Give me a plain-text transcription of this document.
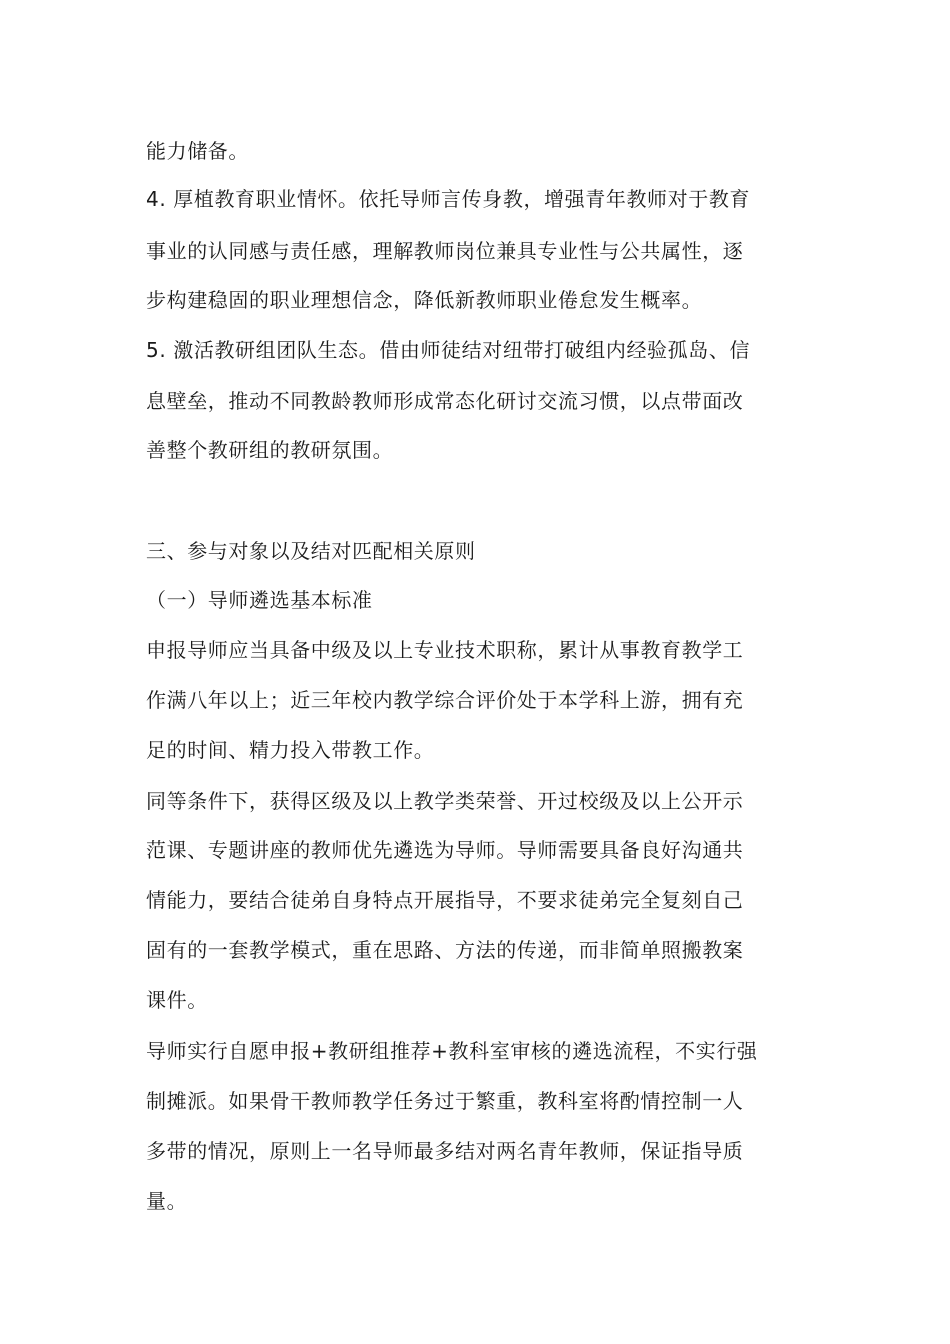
能力储备。
4. 厚植教育职业情怀。依托导师言传身教，增强青年教师对于教育
事业的认同感与责任感，理解教师岗位兼具专业性与公共属性，逐
步构建稳固的职业理想信念，降低新教师职业倦怠发生概率。
5. 激活教研组团队生态。借由师徒结对纽带打破组内经验孤岛、信
息壁垒，推动不同教龄教师形成常态化研讨交流习惯，以点带面改
善整个教研组的教研氛围。
三、参与对象以及结对匹配相关原则
（一）导师遴选基本标准
申报导师应当具备中级及以上专业技术职称，累计从事教育教学工
作满八年以上；近三年校内教学综合评价处于本学科上游，拥有充
足的时间、精力投入带教工作。
同等条件下，获得区级及以上教学类荣誉、开过校级及以上公开示
范课、专题讲座的教师优先遴选为导师。导师需要具备良好沟通共
情能力，要结合徒弟自身特点开展指导，不要求徒弟完全复刻自己
固有的一套教学模式，重在思路、方法的传递，而非简单照搬教案
课件。
导师实行自愿申报+教研组推荐+教科室审核的遴选流程，不实行强
制摊派。如果骨干教师教学任务过于繁重，教科室将酌情控制一人
多带的情况，原则上一名导师最多结对两名青年教师，保证指导质
量。
